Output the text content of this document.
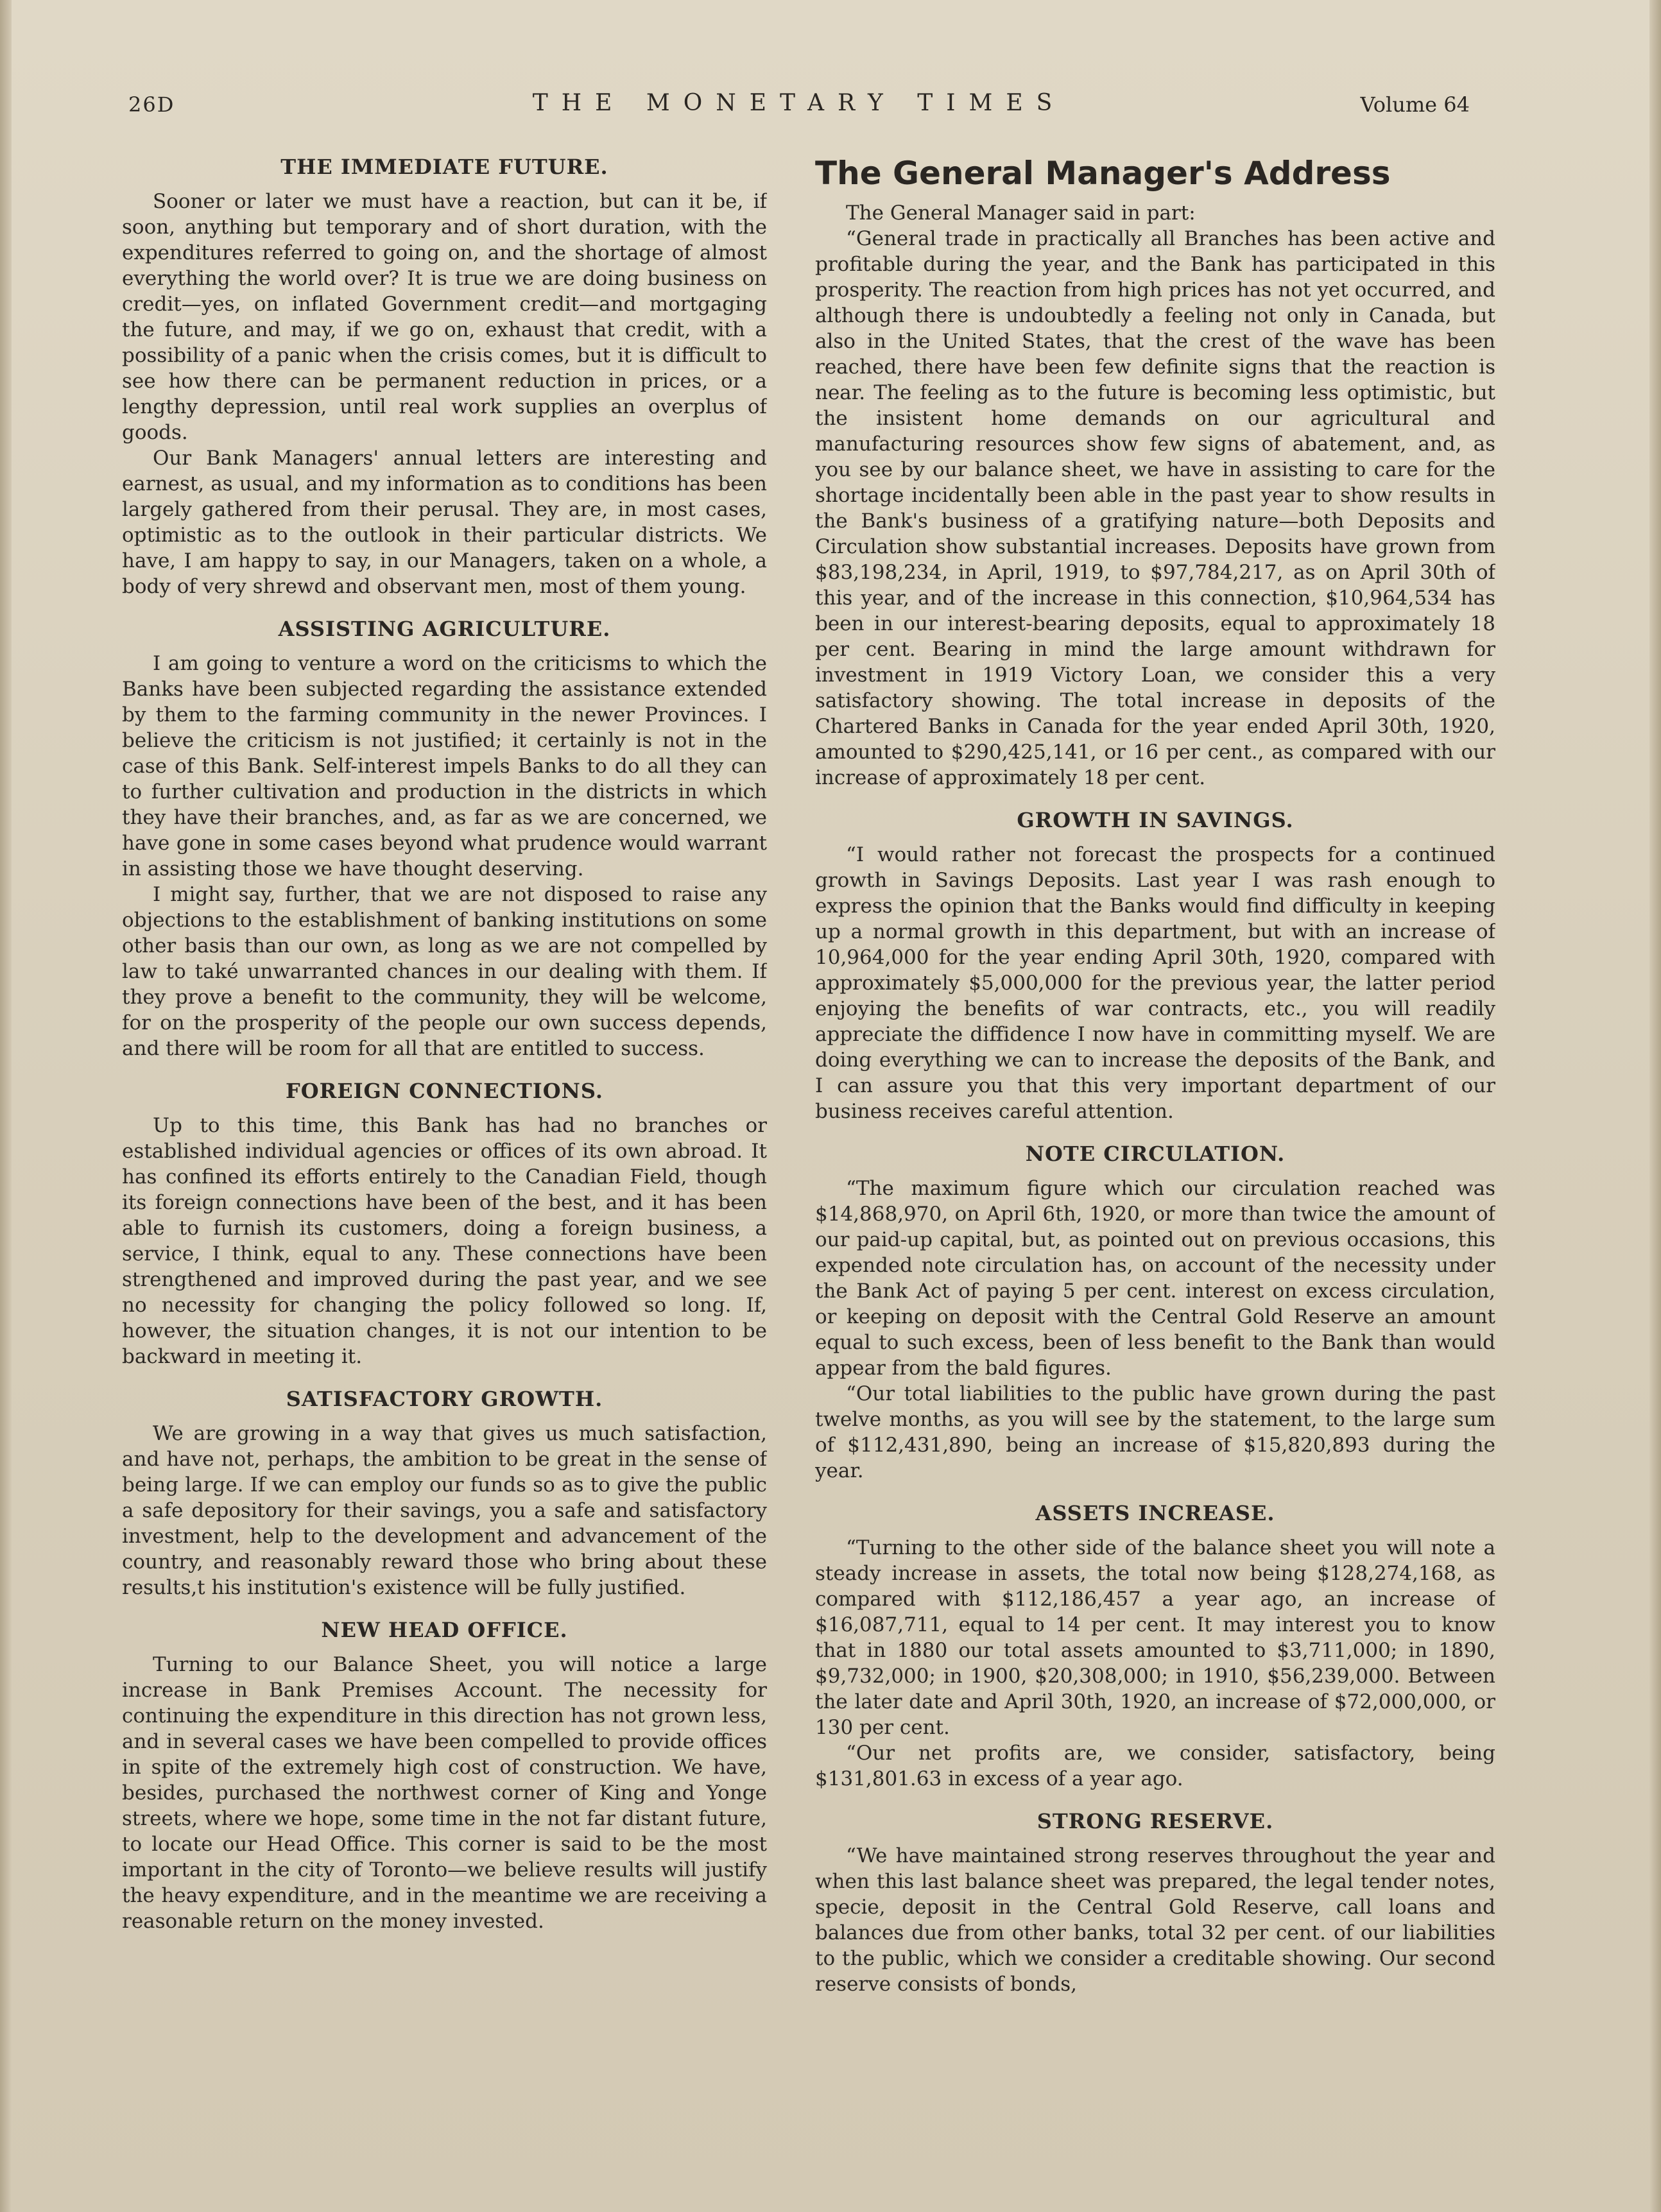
26D	THE MONETARY TIMES	Volume 64
THE IMMEDIATE FUTURE.

Sooner or later we must have a reaction, but can it be, if soon, anything but temporary and of short duration, with the expenditures referred to going on, and the shortage of almost everything the world over? It is true we are doing business on credit—yes, on inflated Government credit—and mortgaging the future, and may, if we go on, exhaust that credit, with a possibility of a panic when the crisis comes, but it is difficult to see how there can be permanent reduction in prices, or a lengthy depression, until real work supplies an overplus of goods.

Our Bank Managers' annual letters are interesting and earnest, as usual, and my information as to conditions has been largely gathered from their perusal. They are, in most cases, optimistic as to the outlook in their particular districts. We have, I am happy to say, in our Managers, taken on a whole, a body of very shrewd and observant men, most of them young.

ASSISTING AGRICULTURE.

I am going to venture a word on the criticisms to which the Banks have been subjected regarding the assistance extended by them to the farming community in the newer Provinces. I believe the criticism is not justified; it certainly is not in the case of this Bank. Self-interest impels Banks to do all they can to further cultivation and production in the districts in which they have their branches, and, as far as we are concerned, we have gone in some cases beyond what prudence would warrant in assisting those we have thought deserving.

I might say, further, that we are not disposed to raise any objections to the establishment of banking institutions on some other basis than our own, as long as we are not compelled by law to také unwarranted chances in our dealing with them. If they prove a benefit to the community, they will be welcome, for on the prosperity of the people our own success depends, and there will be room for all that are entitled to success.

FOREIGN CONNECTIONS.

Up to this time, this Bank has had no branches or established individual agencies or offices of its own abroad. It has confined its efforts entirely to the Canadian Field, though its foreign connections have been of the best, and it has been able to furnish its customers, doing a foreign business, a service, I think, equal to any. These connections have been strengthened and improved during the past year, and we see no necessity for changing the policy followed so long. If, however, the situation changes, it is not our intention to be backward in meeting it.

SATISFACTORY GROWTH.

We are growing in a way that gives us much satisfaction, and have not, perhaps, the ambition to be great in the sense of being large. If we can employ our funds so as to give the public a safe depository for their savings, you a safe and satisfactory investment, help to the development and advancement of the country, and reasonably reward those who bring about these results,t his institution's existence will be fully justified.

NEW HEAD OFFICE.

Turning to our Balance Sheet, you will notice a large increase in Bank Premises Account. The necessity for continuing the expenditure in this direction has not grown less, and in several cases we have been compelled to provide offices in spite of the extremely high cost of construction. We have, besides, purchased the northwest corner of King and Yonge streets, where we hope, some time in the not far distant future, to locate our Head Office. This corner is said to be the most important in the city of Toronto—we believe results will justify the heavy expenditure, and in the meantime we are receiving a reasonable return on the money invested.

The General Manager's Address

The General Manager said in part:

“General trade in practically all Branches has been active and profitable during the year, and the Bank has participated in this prosperity. The reaction from high prices has not yet occurred, and although there is undoubtedly a feeling not only in Canada, but also in the United States, that the crest of the wave has been reached, there have been few definite signs that the reaction is near. The feeling as to the future is becoming less optimistic, but the insistent home demands on our agricultural and manufacturing resources show few signs of abatement, and, as you see by our balance sheet, we have in assisting to care for the shortage incidentally been able in the past year to show results in the Bank's business of a gratifying nature—both Deposits and Circulation show substantial increases. Deposits have grown from $83,198,234, in April, 1919, to $97,784,217, as on April 30th of this year, and of the increase in this connection, $10,964,534 has been in our interest-bearing deposits, equal to approximately 18 per cent. Bearing in mind the large amount withdrawn for investment in 1919 Victory Loan, we consider this a very satisfactory showing. The total increase in deposits of the Chartered Banks in Canada for the year ended April 30th, 1920, amounted to $290,425,141, or 16 per cent., as compared with our increase of approximately 18 per cent.

GROWTH IN SAVINGS.

“I would rather not forecast the prospects for a continued growth in Savings Deposits. Last year I was rash enough to express the opinion that the Banks would find difficulty in keeping up a normal growth in this department, but with an increase of 10,964,000 for the year ending April 30th, 1920, compared with approximately $5,000,000 for the previous year, the latter period enjoying the benefits of war contracts, etc., you will readily appreciate the diffidence I now have in committing myself. We are doing everything we can to increase the deposits of the Bank, and I can assure you that this very important department of our business receives careful attention.

NOTE CIRCULATION.

“The maximum figure which our circulation reached was $14,868,970, on April 6th, 1920, or more than twice the amount of our paid-up capital, but, as pointed out on previous occasions, this expended note circulation has, on account of the necessity under the Bank Act of paying 5 per cent. interest on excess circulation, or keeping on deposit with the Central Gold Reserve an amount equal to such excess, been of less benefit to the Bank than would appear from the bald figures.

“Our total liabilities to the public have grown during the past twelve months, as you will see by the statement, to the large sum of $112,431,890, being an increase of $15,820,893 during the year.

ASSETS INCREASE.

“Turning to the other side of the balance sheet you will note a steady increase in assets, the total now being $128,274,168, as compared with $112,186,457 a year ago, an increase of $16,087,711, equal to 14 per cent. It may interest you to know that in 1880 our total assets amounted to $3,711,000; in 1890, $9,732,000; in 1900, $20,308,000; in 1910, $56,239,000. Between the later date and April 30th, 1920, an increase of $72,000,000, or 130 per cent.

“Our net profits are, we consider, satisfactory, being $131,801.63 in excess of a year ago.

STRONG RESERVE.

“We have maintained strong reserves throughout the year and when this last balance sheet was prepared, the legal tender notes, specie, deposit in the Central Gold Reserve, call loans and balances due from other banks, total 32 per cent. of our liabilities to the public, which we consider a creditable showing. Our second reserve consists of bonds,
